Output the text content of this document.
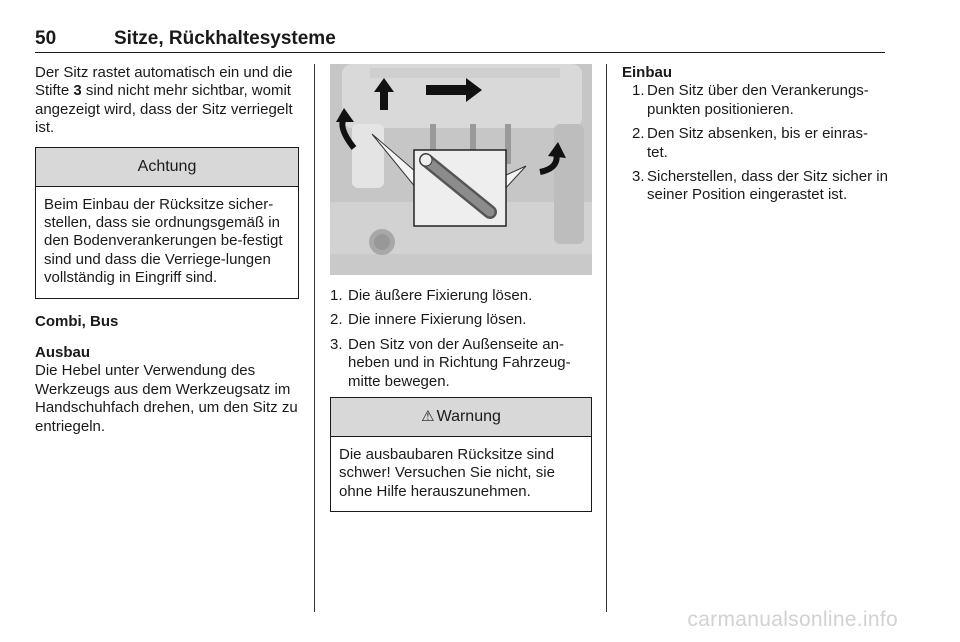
50	Sitze, Rückhaltesysteme

Der Sitz rastet automatisch ein und die Stifte 3 sind nicht mehr sichtbar, womit angezeigt wird, dass der Sitz verriegelt ist.

Achtung
Beim Einbau der Rücksitze sicher-stellen, dass sie ordnungsgemäß in den Bodenverankerungen be-festigt sind und dass die Verriege-lungen vollständig in Eingriff sind.

Combi, Bus

Ausbau

Die Hebel unter Verwendung des Werkzeugs aus dem Werkzeugsatz im Handschuhfach drehen, um den Sitz zu entriegeln.

1. Die äußere Fixierung lösen.
2. Die innere Fixierung lösen.
3. Den Sitz von der Außenseite an-heben und in Richtung Fahrzeug-mitte bewegen.
⚠ Warnung
Die ausbaubaren Rücksitze sind schwer! Versuchen Sie nicht, sie ohne Hilfe herauszunehmen.

Einbau

1. Den Sitz über den Verankerungs-punkten positionieren.
2. Den Sitz absenken, bis er einras-tet.
3. Sicherstellen, dass der Sitz sicher in seiner Position eingerastet ist.
carmanualsonline.info
